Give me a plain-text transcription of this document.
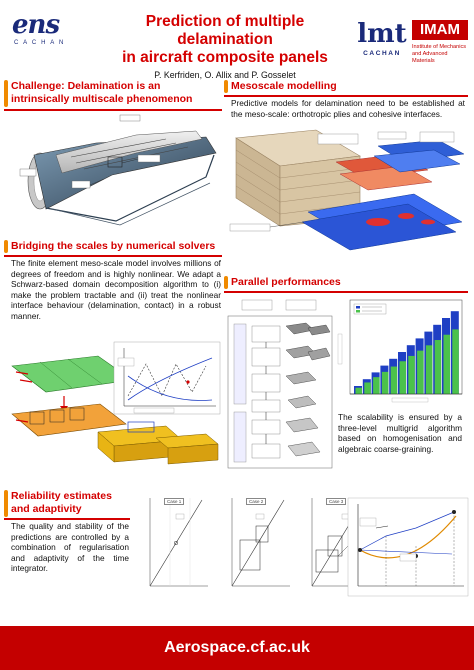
ens
CACHAN
Prediction of multiple delamination
in aircraft composite panels
P. Kerfriden, O. Allix and P. Gosselet
lmt
CACHAN
IMAM
Institute of Mechanics
and Advanced Materials
Challenge: Delamination is an
intrinsically multiscale phenomenon
Mesoscale modelling
Predictive models for delamination need to be established at the meso-scale: orthotropic plies and cohesive interfaces.
Bridging the scales by numerical solvers
The finite element meso-scale model involves millions of degrees of freedom and is highly nonlinear. We adapt a Schwarz-based domain decomposition algorithm to (i) make the problem tractable and (ii) treat the nonlinear interface behaviour (delamination, contact) in a robust manner.
Parallel performances
The scalability is ensured by a three-level multigrid algorithm based on homogenisation and algebraic coarse-graining.
Reliability estimates
and adaptivity
The quality and stability of the predictions are controlled by a combination of regularisation and adaptivity of the time integrator.
Case 1	Case 2	Case 3
Aerospace.cf.ac.uk
